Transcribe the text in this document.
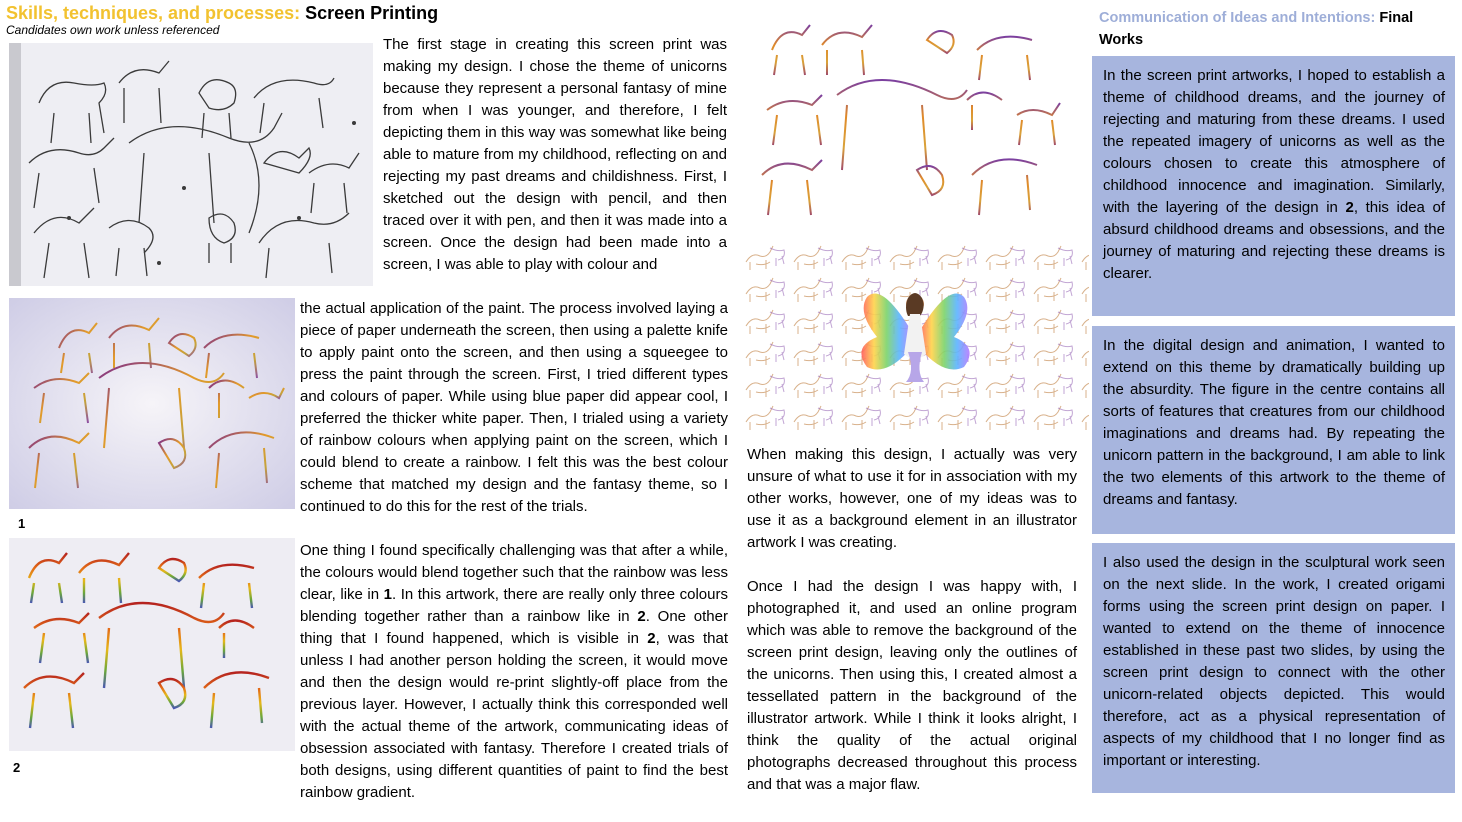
Skills, techniques, and processes: Screen Printing
Candidates own work unless referenced
1
2
The first stage in creating this screen print was making my design. I chose the theme of unicorns because they represent a personal fantasy of mine from when I was younger, and therefore, I felt depicting them in this way was somewhat like being able to mature from my childhood, reflecting on and rejecting my past dreams and childishness. First, I sketched out the design with pencil, and then traced over it with pen, and then it was made into a screen. Once the design had been made into a screen, I was able to play with colour and
the actual application of the paint. The process involved laying a piece of paper underneath the screen, then using a palette knife to apply paint onto the screen, and then using a squeegee to press the paint through the screen. First, I tried different types and colours of paper. While using blue paper did appear cool, I preferred the thicker white paper. Then, I trialed using a variety of rainbow colours when applying paint on the screen, which I could blend to create a rainbow. I felt this was the best colour scheme that matched my design and the fantasy theme, so I continued to do this for the rest of the trials.
One thing I found specifically challenging was that after a while, the colours would blend together such that the rainbow was less clear, like in 1. In this artwork, there are really only three colours blending together rather than a rainbow like in 2. One other thing that I found happened, which is visible in 2, was that unless I had another person holding the screen, it would move and then the design would re-print slightly-off place from the previous layer. However, I actually think this corresponded well with the actual theme of the artwork, communicating ideas of obsession associated with fantasy. Therefore I created trials of both designs, using different quantities of paint to find the best rainbow gradient.
When making this design, I actually was very unsure of what to use it for in association with my other works, however, one of my ideas was to use it as a background element in an illustrator artwork I was creating.
Once I had the design I was happy with, I photographed it, and used an online program which was able to remove the background of the screen print design, leaving only the outlines of the unicorns. Then using this, I created almost a tessellated pattern in the background of the illustrator artwork. While I think it looks alright, I think the quality of the actual original photographs decreased throughout this process and that was a major flaw.
Communication of Ideas and Intentions: Final Works

In the screen print artworks, I hoped to establish a theme of childhood dreams, and the journey of rejecting and maturing from these dreams. I used the repeated imagery of unicorns as well as the colours chosen to create this atmosphere of childhood innocence and imagination. Similarly, with the layering of the design in 2, this idea of absurd childhood dreams and obsessions, and the journey of maturing and rejecting these dreams is clearer.

In the digital design and animation, I wanted to extend on this theme by dramatically building up the absurdity. The figure in the centre contains all sorts of features that creatures from our childhood imaginations and dreams had. By repeating the unicorn pattern in the background, I am able to link the two elements of this artwork to the theme of dreams and fantasy.

I also used the design in the sculptural work seen on the next slide. In the work, I created origami forms using the screen print design on paper. I wanted to extend on the theme of innocence established in these past two slides, by using the screen print design to connect with the other unicorn-related objects depicted. This would therefore, act as a physical representation of aspects of my childhood that I no longer find as important or interesting.
